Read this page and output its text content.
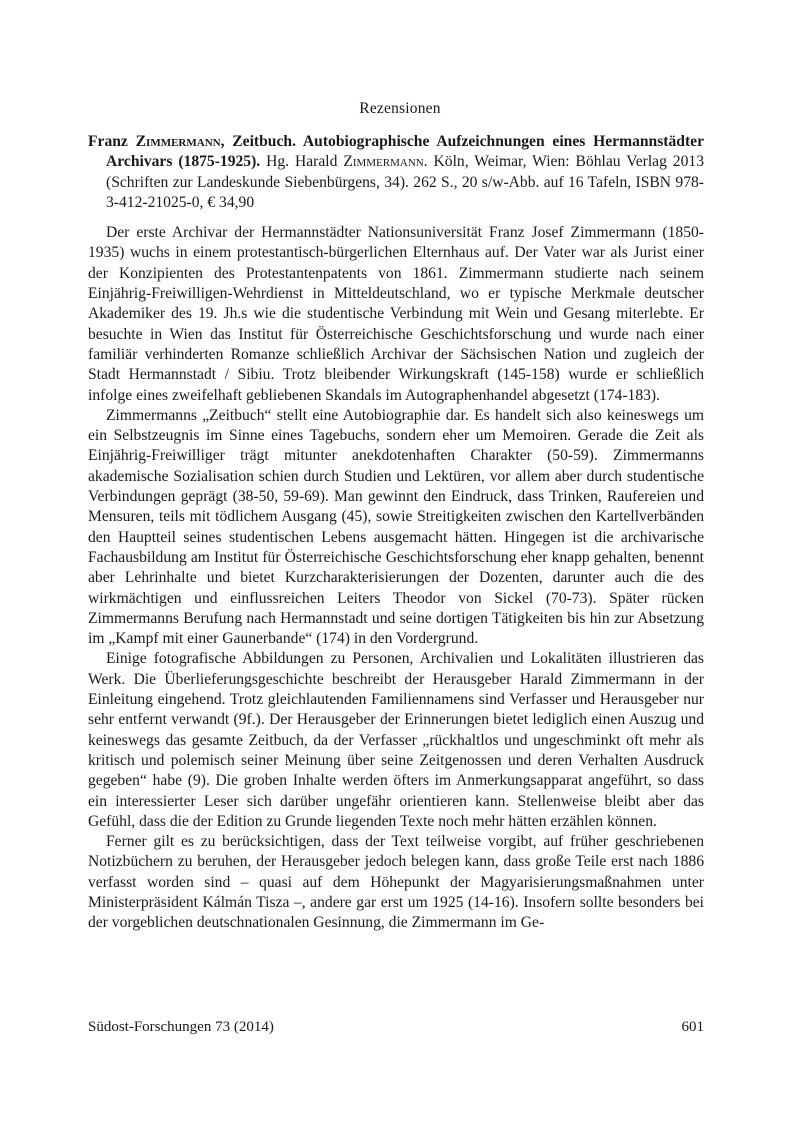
Rezensionen

Franz Zimmermann, Zeitbuch. Autobiographische Aufzeichnungen eines Hermannstädter Archivars (1875-1925). Hg. Harald Zimmermann. Köln, Weimar, Wien: Böhlau Verlag 2013 (Schriften zur Landeskunde Siebenbürgens, 34). 262 S., 20 s/w-Abb. auf 16 Tafeln, ISBN 978-3-412-21025-0, € 34,90

Der erste Archivar der Hermannstädter Nationsuniversität Franz Josef Zimmermann (1850-1935) wuchs in einem protestantisch-bürgerlichen Elternhaus auf. Der Vater war als Jurist einer der Konzipienten des Protestantenpatents von 1861. Zimmermann studierte nach seinem Einjährig-Freiwilligen-Wehrdienst in Mitteldeutschland, wo er typische Merkmale deutscher Akademiker des 19. Jh.s wie die studentische Verbindung mit Wein und Gesang miterlebte. Er besuchte in Wien das Institut für Österreichische Geschichtsforschung und wurde nach einer familiär verhinderten Romanze schließlich Archivar der Sächsischen Nation und zugleich der Stadt Hermannstadt / Sibiu. Trotz bleibender Wirkungskraft (145-158) wurde er schließlich infolge eines zweifelhaft gebliebenen Skandals im Autographenhandel abgesetzt (174-183).

Zimmermanns „Zeitbuch“ stellt eine Autobiographie dar. Es handelt sich also keineswegs um ein Selbstzeugnis im Sinne eines Tagebuchs, sondern eher um Memoiren. Gerade die Zeit als Einjährig-Freiwilliger trägt mitunter anekdotenhaften Charakter (50-59). Zimmermanns akademische Sozialisation schien durch Studien und Lektüren, vor allem aber durch studentische Verbindungen geprägt (38-50, 59-69). Man gewinnt den Eindruck, dass Trinken, Raufereien und Mensuren, teils mit tödlichem Ausgang (45), sowie Streitigkeiten zwischen den Kartellverbänden den Hauptteil seines studentischen Lebens ausgemacht hätten. Hingegen ist die archivarische Fachausbildung am Institut für Österreichische Geschichtsforschung eher knapp gehalten, benennt aber Lehrinhalte und bietet Kurzcharakterisierungen der Dozenten, darunter auch die des wirkmächtigen und einflussreichen Leiters Theodor von Sickel (70-73). Später rücken Zimmermanns Berufung nach Hermannstadt und seine dortigen Tätigkeiten bis hin zur Absetzung im „Kampf mit einer Gaunerbande“ (174) in den Vordergrund.

Einige fotografische Abbildungen zu Personen, Archivalien und Lokalitäten illustrieren das Werk. Die Überlieferungsgeschichte beschreibt der Herausgeber Harald Zimmermann in der Einleitung eingehend. Trotz gleichlautenden Familiennamens sind Verfasser und Herausgeber nur sehr entfernt verwandt (9f.). Der Herausgeber der Erinnerungen bietet lediglich einen Auszug und keineswegs das gesamte Zeitbuch, da der Verfasser „rückhaltlos und ungeschminkt oft mehr als kritisch und polemisch seiner Meinung über seine Zeitgenossen und deren Verhalten Ausdruck gegeben“ habe (9). Die groben Inhalte werden öfters im Anmerkungsapparat angeführt, so dass ein interessierter Leser sich darüber ungefähr orientieren kann. Stellenweise bleibt aber das Gefühl, dass die der Edition zu Grunde liegenden Texte noch mehr hätten erzählen können.

Ferner gilt es zu berücksichtigen, dass der Text teilweise vorgibt, auf früher geschriebenen Notizbüchern zu beruhen, der Herausgeber jedoch belegen kann, dass große Teile erst nach 1886 verfasst worden sind – quasi auf dem Höhepunkt der Magyarisierungsmaßnahmen unter Ministerpräsident Kálmán Tisza –, andere gar erst um 1925 (14-16). Insofern sollte besonders bei der vorgeblichen deutschnationalen Gesinnung, die Zimmermann im Ge-

Südost-Forschungen 73 (2014)	601
